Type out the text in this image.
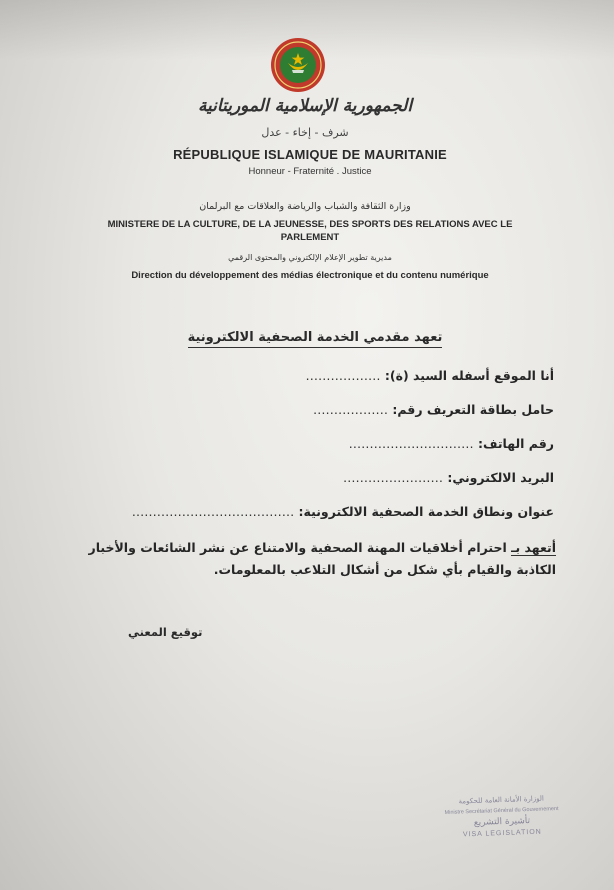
الجمهورية الإسلامية الموريتانية
شرف - إخاء - عدل
RÉPUBLIQUE ISLAMIQUE DE MAURITANIE
Honneur - Fraternité . Justice
وزارة الثقافة والشباب والرياضة والعلاقات مع البرلمان
MINISTERE DE LA CULTURE, DE LA JEUNESSE, DES SPORTS DES RELATIONS AVEC LE
PARLEMENT
مديرية تطوير الإعلام الإلكتروني والمحتوى الرقمي
Direction du développement des médias électronique et du contenu numérique
تعهد مقدمي الخدمة الصحفية الالكترونية
أنا الموقع أسفله السيد (ة): ………………
حامل بطاقة التعريف رقم: ………………
رقم الهاتف: …………………………
البريد الالكتروني: ……………………
عنوان ونطاق الخدمة الصحفية الالكترونية: …………………………………
أتعهد بـ احترام أخلاقيات المهنة الصحفية والامتناع عن نشر الشائعات والأخبار الكاذبة والقيام بأي شكل من أشكال التلاعب بالمعلومات.
توقيع المعني
الوزارة الأمانة العامة للحكومة
Ministre Secrétariat Général du Gouvernement
تأشيرة التشريع
VISA LEGISLATION
